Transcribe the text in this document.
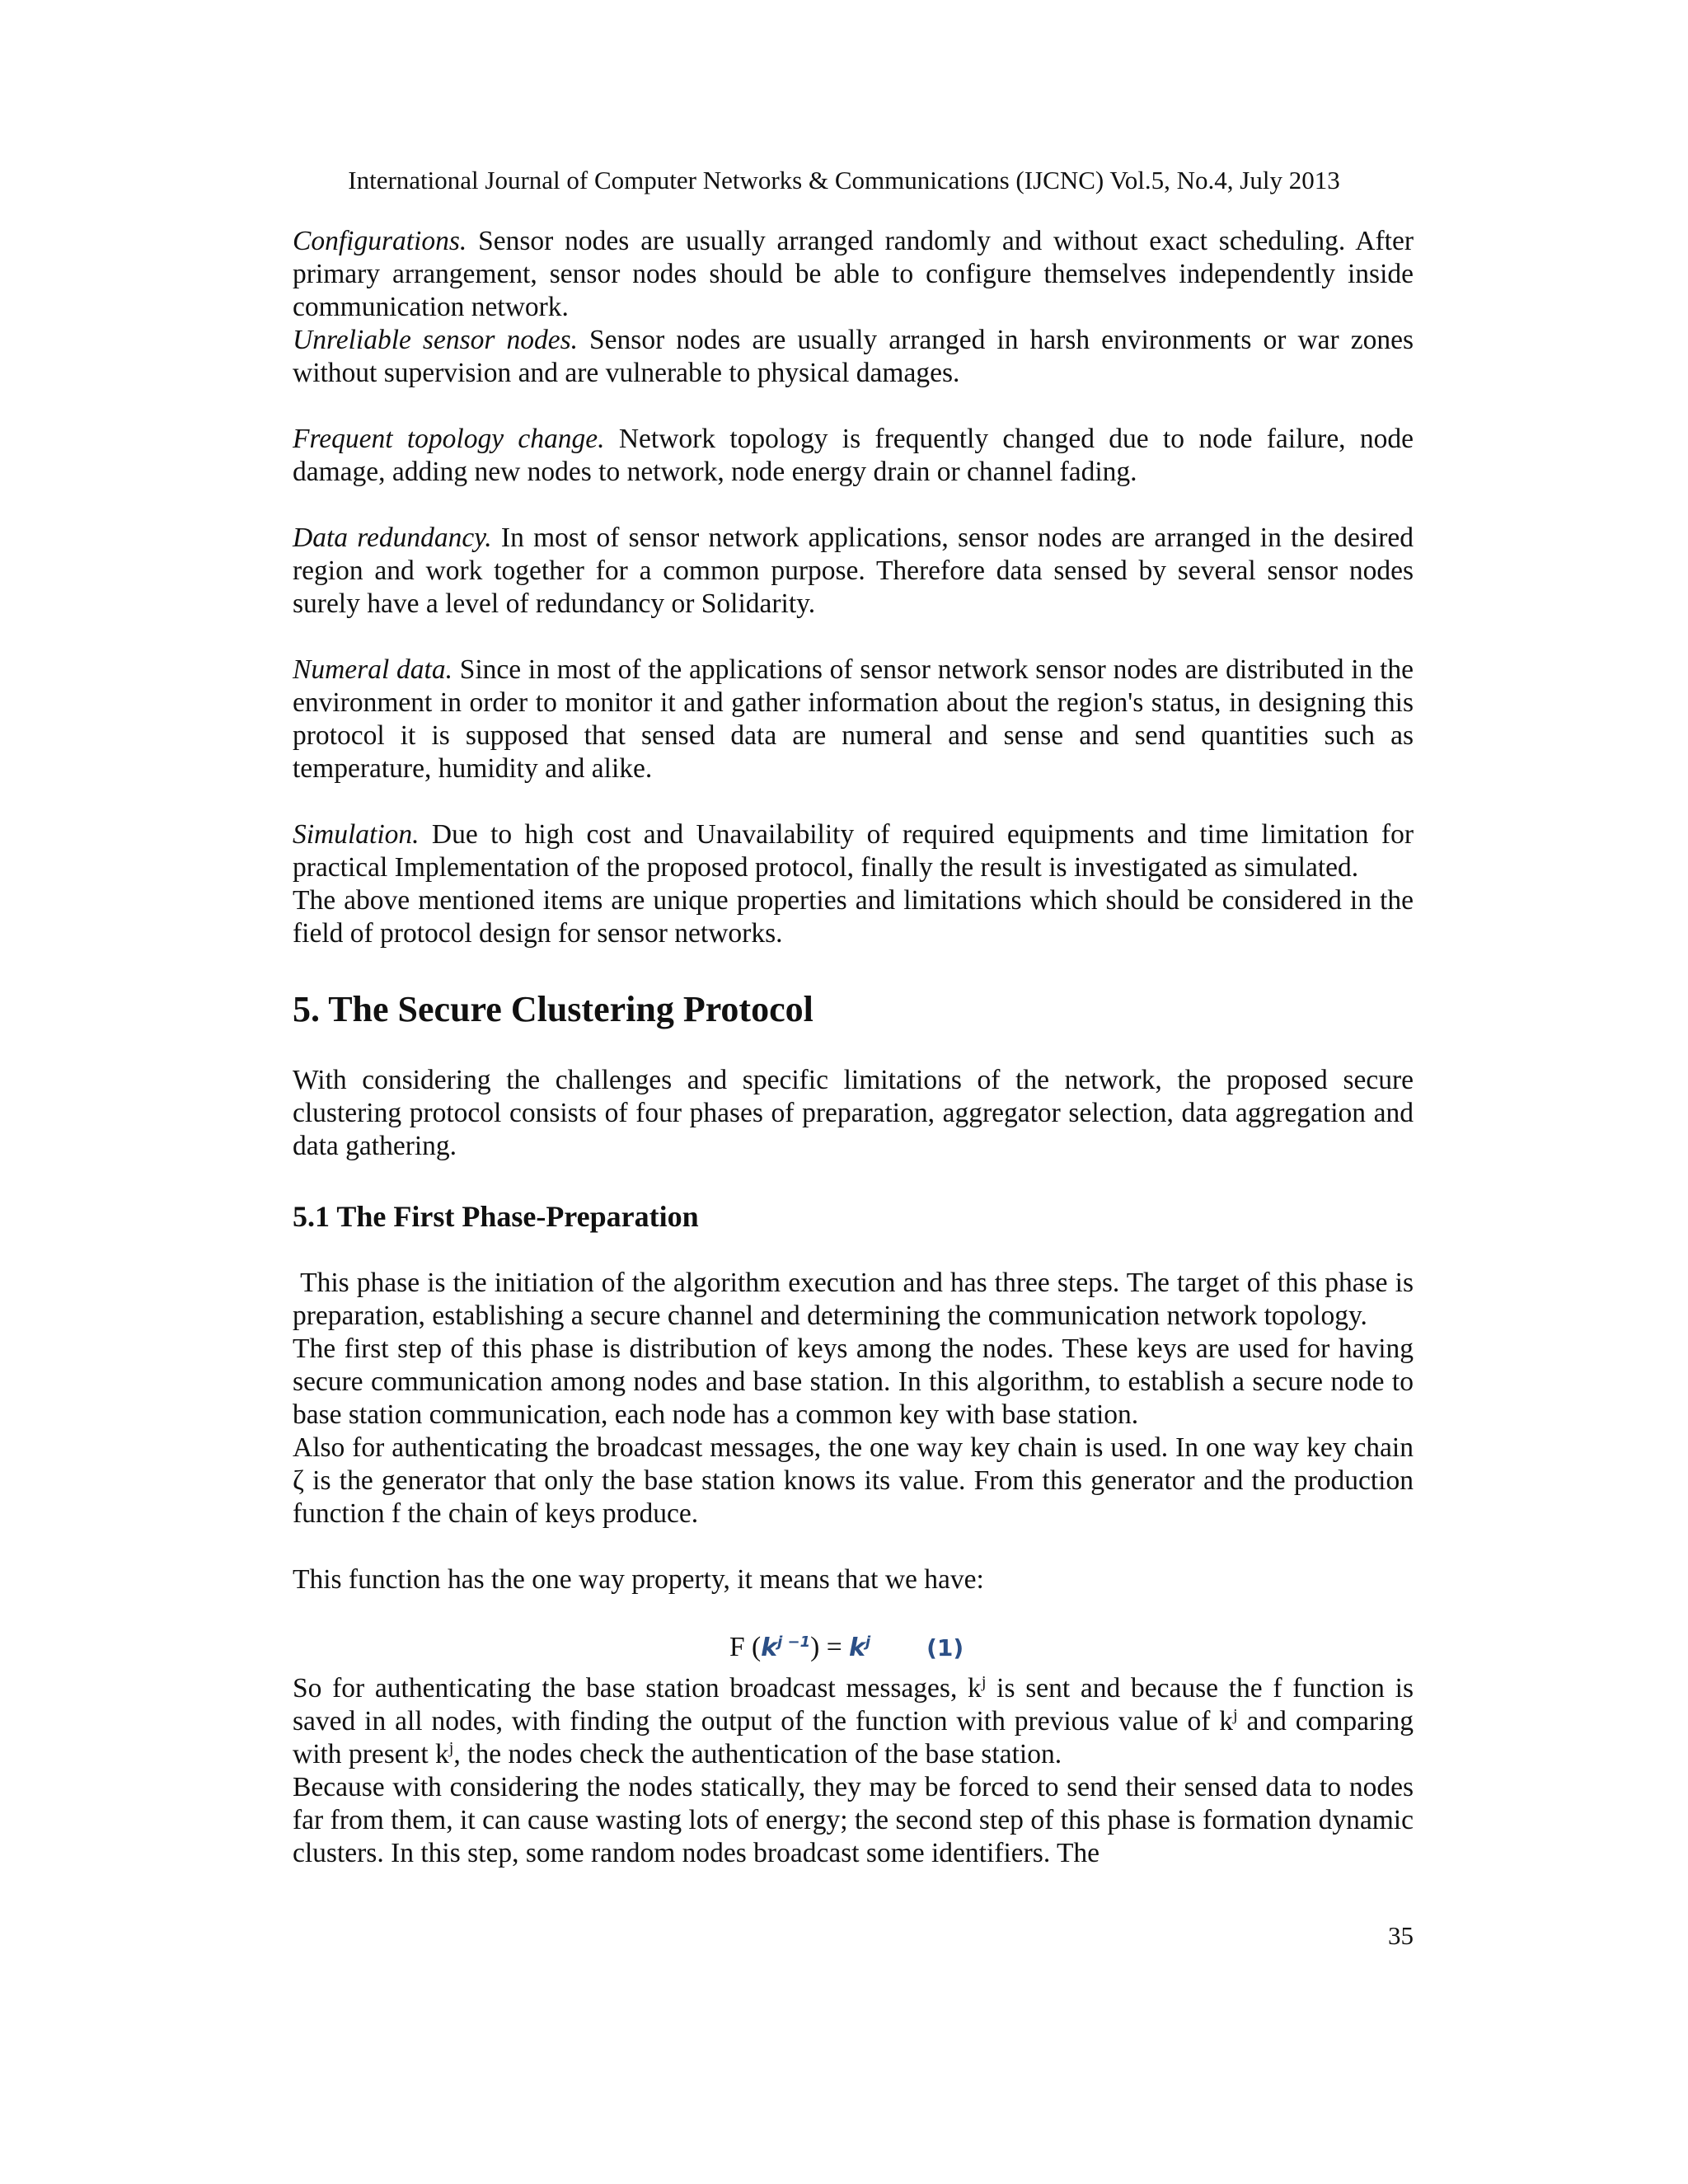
International Journal of Computer Networks & Communications (IJCNC) Vol.5, No.4, July 2013

Configurations. Sensor nodes are usually arranged randomly and without exact scheduling. After primary arrangement, sensor nodes should be able to configure themselves independently inside communication network.

Unreliable sensor nodes. Sensor nodes are usually arranged in harsh environments or war zones without supervision and are vulnerable to physical damages.

Frequent topology change. Network topology is frequently changed due to node failure, node damage, adding new nodes to network, node energy drain or channel fading.

Data redundancy. In most of sensor network applications, sensor nodes are arranged in the desired region and work together for a common purpose. Therefore data sensed by several sensor nodes surely have a level of redundancy or Solidarity.

Numeral data. Since in most of the applications of sensor network sensor nodes are distributed in the environment in order to monitor it and gather information about the region's status, in designing this protocol it is supposed that sensed data are numeral and sense and send quantities such as temperature, humidity and alike.

Simulation. Due to high cost and Unavailability of required equipments and time limitation for practical Implementation of the proposed protocol, finally the result is investigated as simulated.

The above mentioned items are unique properties and limitations which should be considered in the field of protocol design for sensor networks.

5. The Secure Clustering Protocol

With considering the challenges and specific limitations of the network, the proposed secure clustering protocol consists of four phases of preparation, aggregator selection, data aggregation and data gathering.

5.1 The First Phase-Preparation

This phase is the initiation of the algorithm execution and has three steps. The target of this phase is preparation, establishing a secure channel and determining the communication network topology.

The first step of this phase is distribution of keys among the nodes. These keys are used for having secure communication among nodes and base station. In this algorithm, to establish a secure node to base station communication, each node has a common key with base station.

Also for authenticating the broadcast messages, the one way key chain is used. In one way key chain ζ is the generator that only the base station knows its value. From this generator and the production function f the chain of keys produce.

This function has the one way property, it means that we have:

F $(k^{j -1}) = k^j$ (1)

So for authenticating the base station broadcast messages, $k^j$ is sent and because the f function is saved in all nodes, with finding the output of the function with previous value of $k^j$ and comparing with present $k^j$, the nodes check the authentication of the base station.

Because with considering the nodes statically, they may be forced to send their sensed data to nodes far from them, it can cause wasting lots of energy; the second step of this phase is formation dynamic clusters. In this step, some random nodes broadcast some identifiers. The

35
